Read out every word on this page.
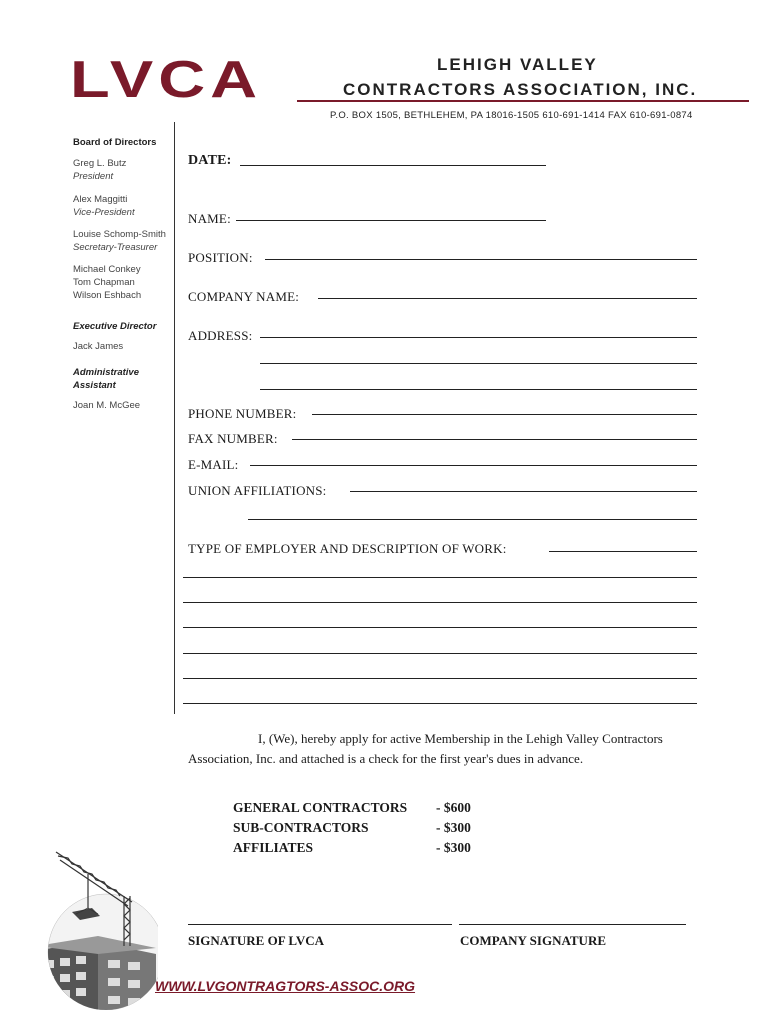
LVCA	LEHIGH VALLEY
CONTRACTORS ASSOCIATION, INC.
P.O. BOX 1505, BETHLEHEM, PA 18016-1505 610-691-1414 FAX 610-691-0874
Board of Directors
Greg L. Butz
President
Alex Maggitti
Vice-President
Louise Schomp-Smith
Secretary-Treasurer
Michael Conkey
Tom Chapman
Wilson Eshbach
Executive Director
Jack James
Administrative
Assistant
Joan M. McGee
DATE:
NAME:
POSITION:
COMPANY NAME:
ADDRESS:
PHONE NUMBER:
FAX NUMBER:
E-MAIL:
UNION AFFILIATIONS:
TYPE OF EMPLOYER AND DESCRIPTION OF WORK:
I, (We), hereby apply for active Membership in the Lehigh Valley Contractors Association, Inc. and attached is a check for the first year's dues in advance.
GENERAL CONTRACTORS - $600
SUB-CONTRACTORS	- $300
AFFILIATES	- $300
SIGNATURE OF LVCA	COMPANY SIGNATURE
WWW.LVGONTRAGTORS-ASSOC.ORG
